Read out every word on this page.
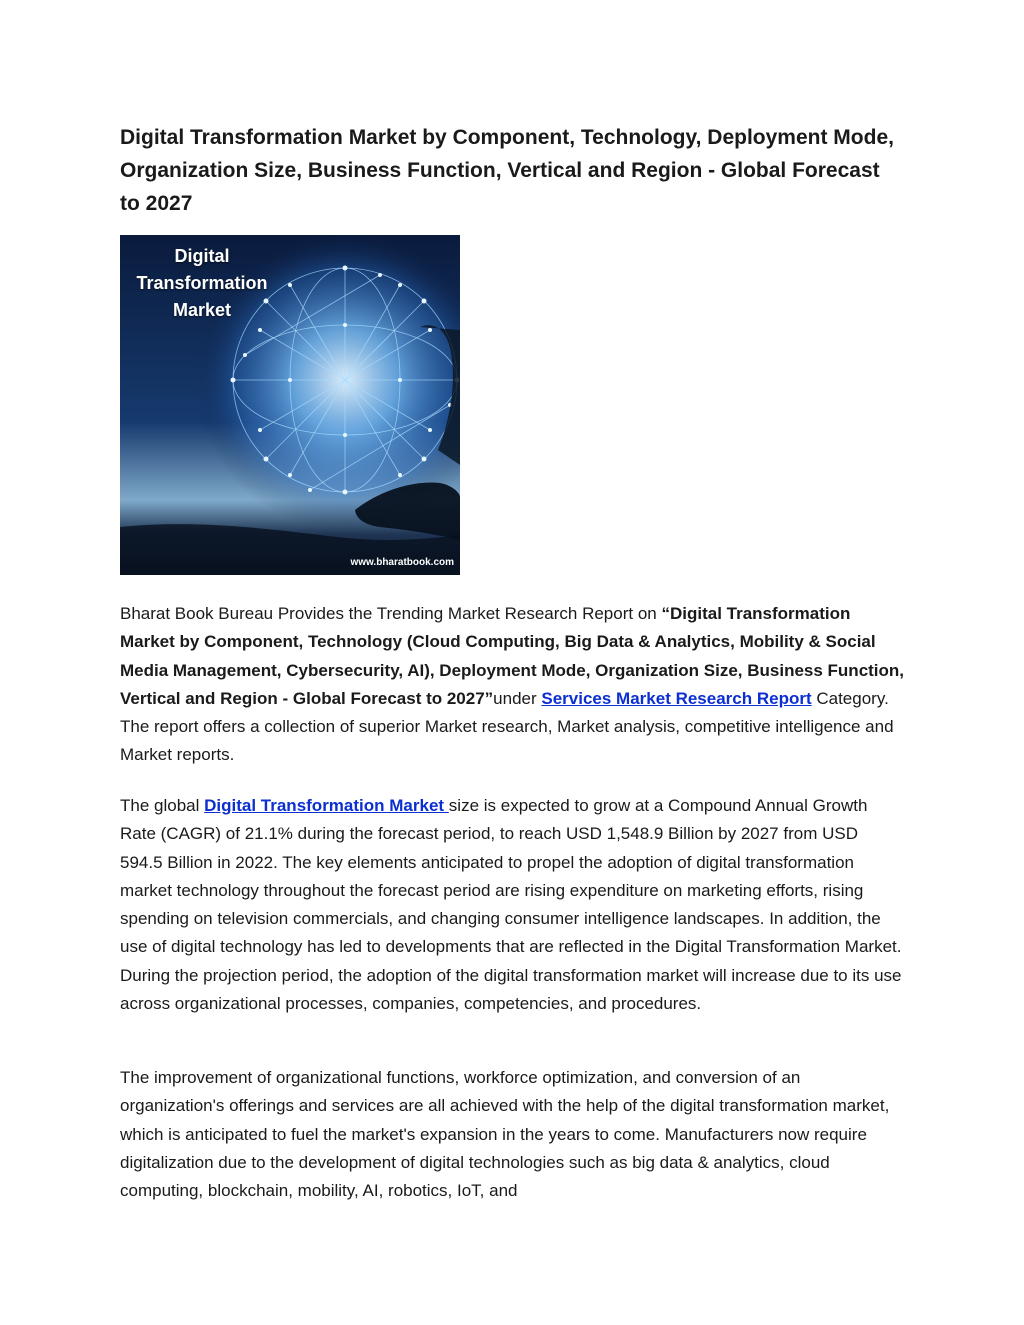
Digital Transformation Market by Component, Technology, Deployment Mode, Organization Size, Business Function, Vertical and Region - Global Forecast to 2027
Digital Transformation Market
www.bharatbook.com

Bharat Book Bureau Provides the Trending Market Research Report on “Digital Transformation Market by Component, Technology (Cloud Computing, Big Data & Analytics, Mobility & Social Media Management, Cybersecurity, AI), Deployment Mode, Organization Size, Business Function, Vertical and Region - Global Forecast to 2027”under Services Market Research Report Category. The report offers a collection of superior Market research, Market analysis, competitive intelligence and Market reports.

The global Digital Transformation Market size is expected to grow at a Compound Annual Growth Rate (CAGR) of 21.1% during the forecast period, to reach USD 1,548.9 Billion by 2027 from USD 594.5 Billion in 2022. The key elements anticipated to propel the adoption of digital transformation market technology throughout the forecast period are rising expenditure on marketing efforts, rising spending on television commercials, and changing consumer intelligence landscapes. In addition, the use of digital technology has led to developments that are reflected in the Digital Transformation Market. During the projection period, the adoption of the digital transformation market will increase due to its use across organizational processes, companies, competencies, and procedures.

The improvement of organizational functions, workforce optimization, and conversion of an organization's offerings and services are all achieved with the help of the digital transformation market, which is anticipated to fuel the market's expansion in the years to come. Manufacturers now require digitalization due to the development of digital technologies such as big data & analytics, cloud computing, blockchain, mobility, AI, robotics, IoT, and
